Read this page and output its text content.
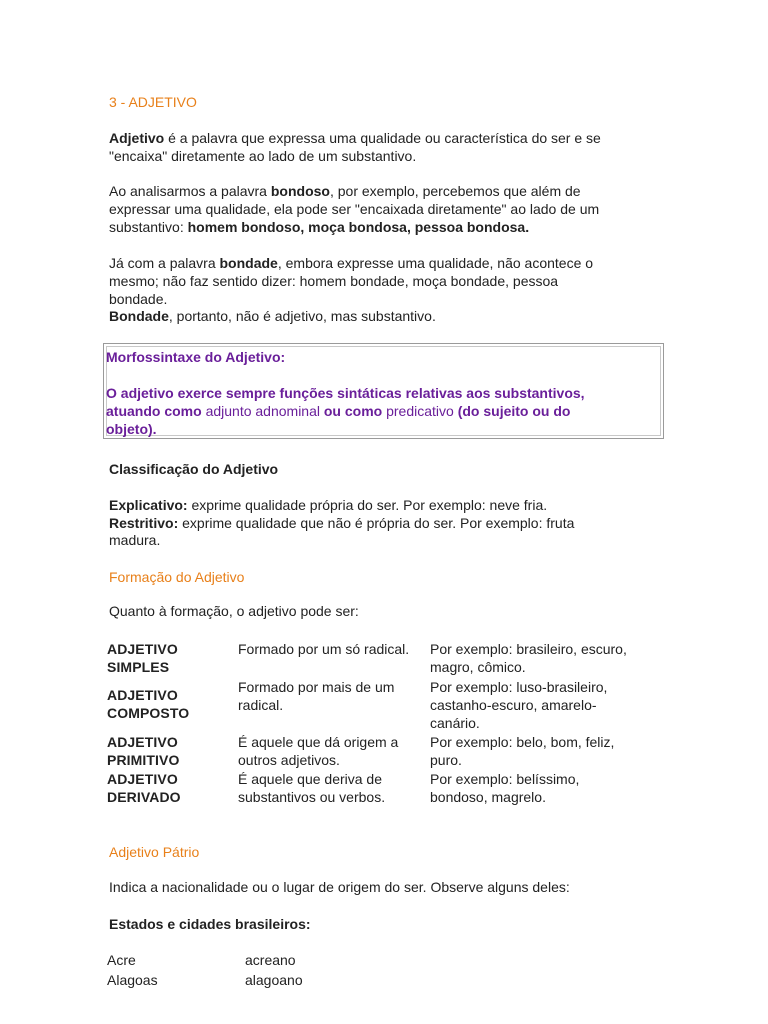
3 - ADJETIVO
Adjetivo é a palavra que expressa uma qualidade ou característica do ser e se
"encaixa" diretamente ao lado de um substantivo.
Ao analisarmos a palavra bondoso, por exemplo, percebemos que além de
expressar uma qualidade, ela pode ser "encaixada diretamente" ao lado de um
substantivo: homem bondoso, moça bondosa, pessoa bondosa.
Já com a palavra bondade, embora expresse uma qualidade, não acontece o
mesmo; não faz sentido dizer: homem bondade, moça bondade, pessoa
bondade.
Bondade, portanto, não é adjetivo, mas substantivo.
Morfossintaxe do Adjetivo:
O adjetivo exerce sempre funções sintáticas relativas aos substantivos,
atuando como adjunto adnominal ou como predicativo (do sujeito ou do
objeto).
Classificação do Adjetivo
Explicativo: exprime qualidade própria do ser. Por exemplo: neve fria.
Restritivo: exprime qualidade que não é própria do ser. Por exemplo: fruta
madura.
Formação do Adjetivo
Quanto à formação, o adjetivo pode ser:
ADJETIVO
SIMPLES
Formado por um só radical. Por exemplo: brasileiro, escuro,
magro, cômico.
ADJETIVO
COMPOSTO
Formado por mais de um
radical.
Por exemplo: luso-brasileiro,
castanho-escuro, amarelo-
canário.
ADJETIVO
PRIMITIVO
É aquele que dá origem a
outros adjetivos.
Por exemplo: belo, bom, feliz,
puro.
ADJETIVO
DERIVADO
É aquele que deriva de
substantivos ou verbos.
Por exemplo: belíssimo,
bondoso, magrelo.
Adjetivo Pátrio
Indica a nacionalidade ou o lugar de origem do ser. Observe alguns deles:
Estados e cidades brasileiros:
Acre	acreano
Alagoas	alagoano
